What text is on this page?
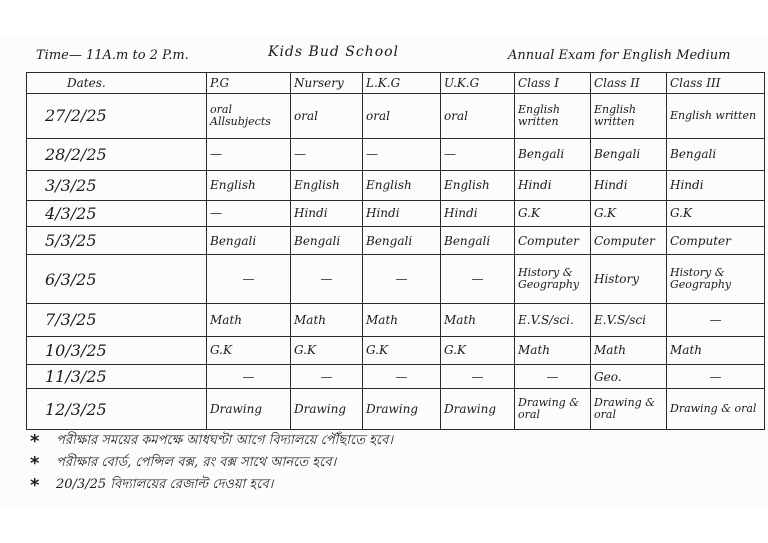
Time— 11A.m to 2 P.m.	Kids Bud School	Annual Exam for English Medium
Dates.	P.G	Nursery	L.K.G	U.K.G	Class I	Class II	Class III
27/2/25	oral Allsubjects	oral	oral	oral	English written	English written	English written
28/2/25	—	—	—	—	Bengali	Bengali	Bengali
3/3/25	English	English	English	English	Hindi	Hindi	Hindi
4/3/25	—	Hindi	Hindi	Hindi	G.K	G.K	G.K
5/3/25	Bengali	Bengali	Bengali	Bengali	Computer	Computer	Computer
6/3/25	—	—	—	—	History & Geography	History	History & Geography
7/3/25	Math	Math	Math	Math	E.V.S/sci.	E.V.S/sci	—
10/3/25	G.K	G.K	G.K	G.K	Math	Math	Math
11/3/25	—	—	—	—	—	Geo.	—
12/3/25	Drawing	Drawing	Drawing	Drawing	Drawing & oral	Drawing & oral	Drawing & oral
*	পরীক্ষার সময়ের কমপক্ষে আধঘণ্টা আগে বিদ্যালয়ে পৌঁছাতে হবে।
*	পরীক্ষার বোর্ড, পেন্সিল বক্স, রং বক্স সাথে আনতে হবে।
*	20/3/25 বিদ্যালয়ের রেজাল্ট দেওয়া হবে।
